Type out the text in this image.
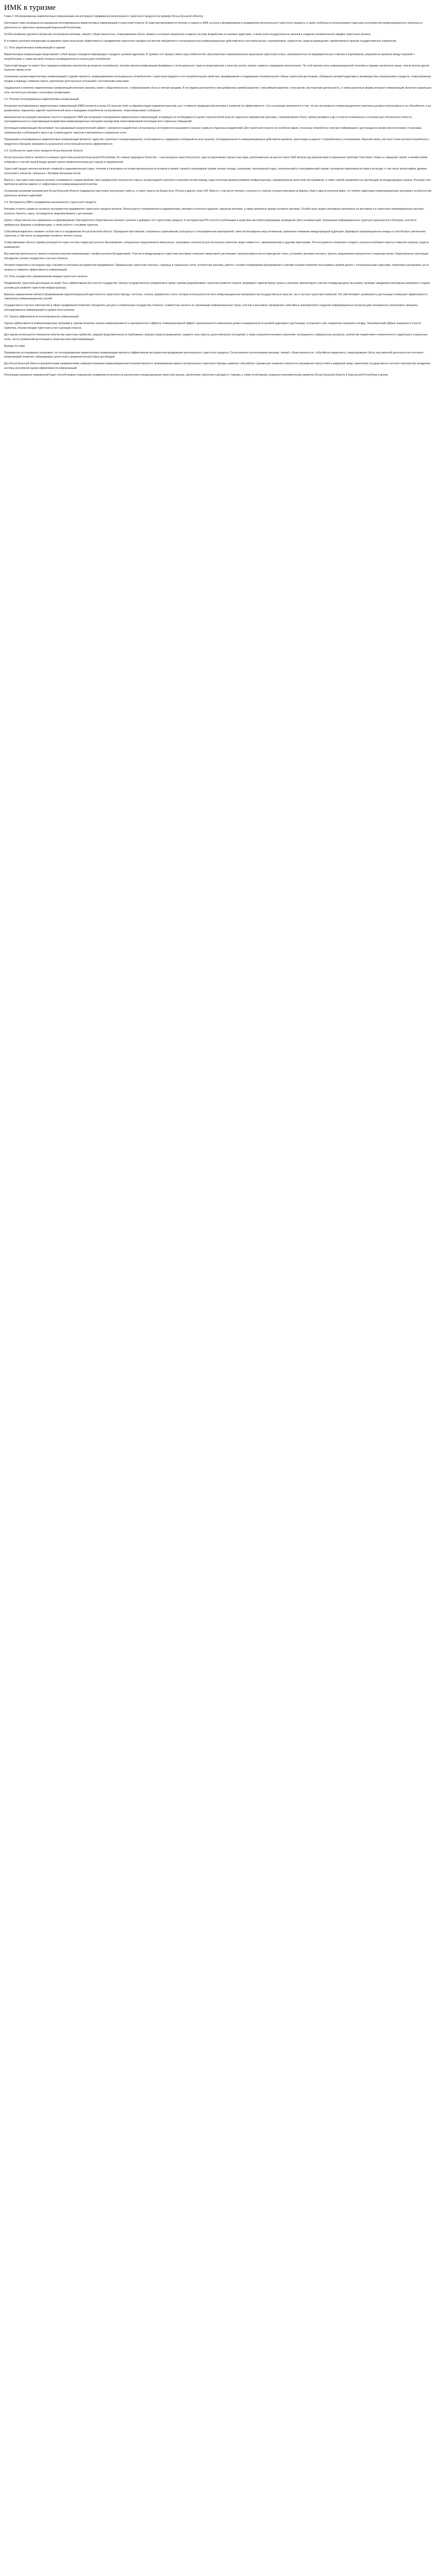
ИМК в туризме

Глава 2. Интегрированные маркетинговые коммуникации как инструмент продвижения регионального туристского продукта (на примере Иссык-Кульской области).

Настоящая глава посвящена исследованию интегрированных маркетинговых коммуникаций в туристской отрасли. В главе рассматриваются понятие и сущность ИМК, их роль в формировании и продвижении регионального туристского продукта, а также особенности использования отдельных инструментов коммуникационного комплекса в деятельности туристских организаций Кыргызской Республики.

Особое внимание уделяется вопросам согласования рекламы, связей с общественностью, стимулирования сбыта, прямого и интернет-маркетинга в единую систему воздействия на целевые аудитории, а также роли государственных органов в создании положительного имиджа туристского региона.

В условиях усиления конкуренции на мировом туристском рынке эффективность продвижения туристского продукта во многом определяется согласованностью коммуникационных действий всех участников рынка: туроператоров, турагентств, средств размещения, перевозчиков и органов государственного управления.

2.1. Роль маркетинговых коммуникаций в туризме

Маркетинговые коммуникации представляют собой процесс передачи информации о продукте целевой аудитории. В туризме этот процесс имеет ряд особенностей, обусловленных нематериальным характером туристской услуги, невозможностью её предварительного осмотра и опробования, разрывом во времени между покупкой и потреблением, а также высокой степенью неопределенности и риска для потребителя.

Туристский продукт не может быть продемонстрирован покупателю до момента потребления, поэтому именно коммуникации формируют у потенциального туриста представление о качестве услуги, уровне сервиса и ожидаемых впечатлениях. По этой причине роль коммуникационной политики в туризме значительно выше, чем во многих других отраслях сферы услуг.

Основными целями маркетинговых коммуникаций в туризме являются: информирование потенциальных потребителей о туристском продукте и его потребительских свойствах; формирование и поддержание положительного образа туристской дестинации; убеждение целевой аудитории в преимуществах предлагаемого продукта; стимулирование продаж в периоды снижения спроса; укрепление долгосрочных отношений с постоянными клиентами.

Традиционно в комплекс маркетинговых коммуникаций включают рекламу, связи с общественностью, стимулирование сбыта и личные продажи. В последние десятилетия к ним добавились прямой маркетинг, событийный маркетинг, спонсорство, выставочная деятельность, а также различные формы интернет-коммуникаций, включая социальные сети, контекстную рекламу и поисковую оптимизацию.

2.2. Понятие интегрированных маркетинговых коммуникаций

Концепция интегрированных маркетинговых коммуникаций (ИМК) возникла в конце XX века как ответ на фрагментацию медиапространства, рост стоимости традиционной рекламы и снижение её эффективности. Суть концепции заключается в том, что все инструменты коммуникационного комплекса должны использоваться не обособленно, а во взаимосвязи, подчиняясь единой стратегической цели и передавая потребителю согласованное, непротиворечивое сообщение.

Американская ассоциация рекламных агентств определяет ИМК как концепцию планирования маркетинговых коммуникаций, исходящую из необходимости оценки стратегической роли их отдельных направлений (рекламы, стимулирования сбыта, паблик рилейшнз и др.) и поиска оптимального сочетания для обеспечения четкости, последовательности и максимизации воздействия коммуникационных программ посредством непротиворечивой интеграции всех отдельных обращений.

Интеграция коммуникаций обеспечивает так называемый синергетический эффект: совокупное воздействие согласованных инструментов оказывается сильнее суммы их отдельных воздействий. Для туристской отрасли это особенно важно, поскольку потребитель получает информацию о дестинации из множества источников: от рекламы туроператора и публикаций в прессе до отзывов других туристов и материалов в социальных сетях.

Принципами интегрированных маркетинговых коммуникаций являются: единство стратегии и позиционирования; согласованность содержания сообщений во всех каналах; последовательность коммуникационных действий во времени; ориентация на диалог с потребителем и установление обратной связи; учет всех точек контакта потребителя с продуктом и брендом; измеримость результатов и постоянный контроль эффективности.

2.3. Особенности туристского продукта Иссык-Кульской области

Иссык-Кульская область является основным туристским регионом Кыргызской Республики. Ее главное природное богатство — высокогорное озеро Иссык-Куль, одно из крупнейших горных озер мира, расположенное на высоте около 1600 метров над уровнем моря и окруженное хребтами Тянь-Шаня. Озеро не замерзает зимой, а мягкий климат побережья и чистый горный воздух делают регион привлекательным для отдыха и оздоровления.

Туристский продукт региона включает пляжный и оздоровительный отдых, лечение в санаториях на основе минеральных источников и грязей, горный и пешеходный туризм, конные походы, альпинизм, горнолыжный отдых, экологический и этнографический туризм, посещение памятников истории и культуры, в том числе петроглифов, древних поселений и объектов, связанных с Великим Шелковым путем.

Вместе с тем туристская отрасль региона сталкивается с рядом проблем: ярко выраженной сезонностью спроса, концентрацией турпотока в короткий летний период, недостаточным уровнем развития инфраструктуры, неравномерным качеством обслуживания, а также слабой узнаваемостью дестинации на международных рынках. Решение этих проблем во многом зависит от эффективности коммуникационной политики.

Основными целевыми рынками для Иссык-Кульской области традиционно выступают внутренние туристы, а также туристы из Казахстана, России и других стран СНГ. Вместе с тем растет интерес к региону со стороны путешественников из Европы, Азии и других регионов мира, что требует адаптации коммуникационных программ к особенностям различных целевых аудиторий.

2.4. Инструменты ИМК в продвижении регионального туристского продукта

Реклама остается одним из основных инструментов продвижения туристского продукта региона. Используются телевизионная и радиореклама, реклама в печатных изданиях, наружная реклама, а также различные формы интернет-рекламы. Особую роль играют рекламные материалы на выставках и в туристских информационных центрах: каталоги, буклеты, карты, путеводители, видеоматериалы о дестинации.

Связи с общественностью направлены на формирование благоприятного общественного мнения о регионе и доверия к его туристскому продукту. К инструментам PR относятся публикации в средствах массовой информации, проведение пресс-конференций, организация информационных туров для журналистов и блогеров, участие в профильных форумах и конференциях, а также работа с отзывами туристов.

Событийный маркетинг занимает особое место в продвижении Иссык-Кульской области. Проведение фестивалей, спортивных соревнований, культурных и этнографических мероприятий, таких как Всемирные игры кочевников, привлекает внимание международной аудитории, формирует информационные поводы и способствует увеличению турпотока, в том числе за пределами основного летнего сезона.

Стимулирование сбыта в туризме реализуется через систему скидок для раннего бронирования, специальные предложения в межсезонье, программы лояльности для постоянных клиентов, акции совместно с авиакомпаниями и другими партнерами. Эти инструменты позволяют сгладить сезонные колебания спроса и повысить загрузку средств размещения.

Выставочная деятельность является важным каналом коммуникации с профессиональной аудиторией. Участие в международных туристских выставках позволяет представить дестинацию туроператорам и агентствам других стран, установить деловые контакты, изучить предложения конкурентов и тенденции рынка. Национальные экспозиции объединяют усилия государства и частного бизнеса.

Интернет-маркетинг в последние годы становится ключевым инструментом продвижения. Официальные туристские порталы, страницы в социальных сетях, контекстная реклама, работа с онлайн-платформами бронирования и сайтами отзывов позволяют выстраивать прямой диалог с потенциальными туристами, оперативно реагировать на их запросы и измерять эффективность коммуникаций.

2.5. Роль государства в формировании имиджа туристского региона

Продвижение туристской дестинации не может быть эффективным без участия государства. Органы государственного управления в сфере туризма разрабатывают стратегию развития отрасли, формируют единый бренд страны и регионов, финансируют участие в международных выставках, проводят имиджевые рекламные кампании и создают условия для развития туристской инфраструктуры.

Важным направлением является формирование единой визуальной идентичности туристского бренда: логотипа, слогана, фирменного стиля, которые используются во всех коммуникационных материалах как государственных органов, так и частных туристских компаний. Это обеспечивает узнаваемость дестинации и повышает эффективность совокупных коммуникационных усилий.

Государственно-частное партнерство в сфере продвижения позволяет объединить ресурсы и компетенции государства и бизнеса. Совместные проекты по организации информационных туров, участию в выставках, проведению событийных мероприятий и созданию информационных ресурсов дают возможность реализовать принципы интегрированных коммуникаций на уровне всего региона.

2.6. Оценка эффективности интегрированных коммуникаций

Оценка эффективности коммуникационных программ в туризме включает анализ коммуникативного и экономического эффекта. Коммуникативный эффект характеризуется изменением уровня осведомленности целевой аудитории о дестинации, отношения к ней, намерения совершить поездку. Экономический эффект выражается в росте турпотока, объема продаж туристских услуг и доходов отрасли.

Для оценки используются показатели количества туристских прибытий, средней продолжительности пребывания, загрузки средств размещения, среднего чека туриста, доли повторных посещений, а также показатели интернет-аналитики: посещаемость официальных ресурсов, количество подписчиков и вовлеченность аудитории в социальных сетях, число упоминаний дестинации в средствах массовой информации.

Выводы по главе

Проведенное исследование показывает, что интегрированные маркетинговые коммуникации являются эффективным инструментом продвижения регионального туристского продукта. Согласованное использование рекламы, связей с общественностью, событийного маркетинга, стимулирования сбыта, выставочной деятельности и интернет-коммуникаций позволяет сформировать целостный и привлекательный образ дестинации.

Для Иссык-Кульской области приоритетными направлениями совершенствования коммуникационной политики являются: формирование единого регионального туристского бренда; развитие событийного туризма для снижения сезонности; расширение присутствия в цифровой среде; укрепление государственно-частного партнерства; внедрение системы регулярной оценки эффективности коммуникаций.

Реализация указанных направлений будет способствовать повышению узнаваемости региона на внутреннем и международном туристских рынках, увеличению турпотока и доходов от туризма, а также устойчивому социально-экономическому развитию Иссык-Кульской области и Кыргызской Республики в целом.
